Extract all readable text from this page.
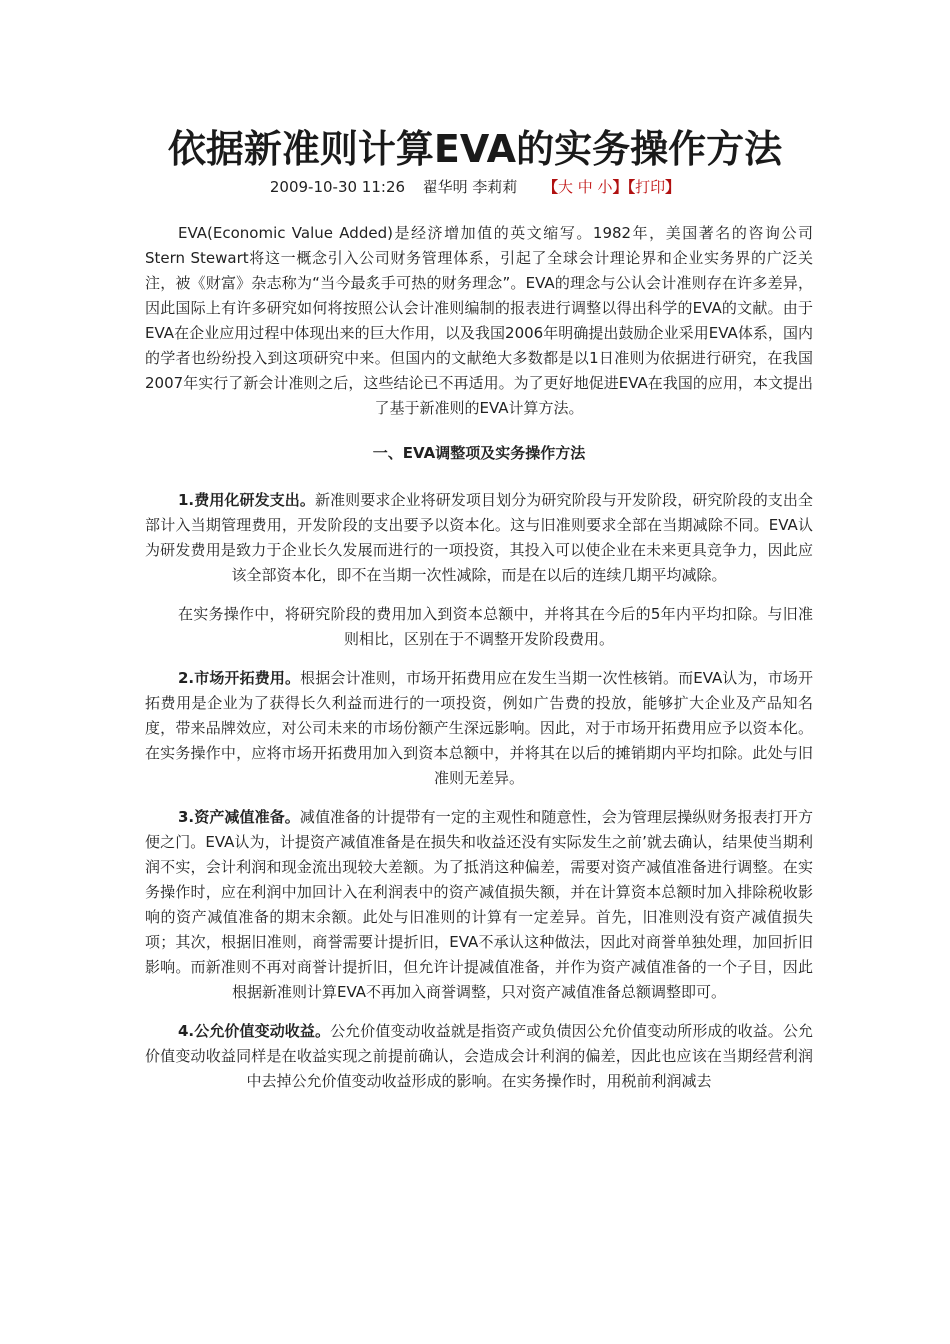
依据新准则计算EVA的实务操作方法
2009-10-30 11:26 翟华明 李莉莉 【大 中 小】【打印】

EVA(Economic Value Added)是经济增加值的英文缩写。1982年，美国著名的咨询公司Stern Stewart将这一概念引入公司财务管理体系，引起了全球会计理论界和企业实务界的广泛关注，被《财富》杂志称为“当今最炙手可热的财务理念”。EVA的理念与公认会计准则存在许多差异，因此国际上有许多研究如何将按照公认会计准则编制的报表进行调整以得出科学的EVA的文献。由于EVA在企业应用过程中体现出来的巨大作用，以及我国2006年明确提出鼓励企业采用EVA体系，国内的学者也纷纷投入到这项研究中来。但国内的文献绝大多数都是以1日准则为依据进行研究，在我国2007年实行了新会计准则之后，这些结论已不再适用。为了更好地促进EVA在我国的应用，本文提出了基于新准则的EVA计算方法。

一、EVA调整项及实务操作方法

1.费用化研发支出。新准则要求企业将研发项目划分为研究阶段与开发阶段，研究阶段的支出全部计入当期管理费用，开发阶段的支出要予以资本化。这与旧准则要求全部在当期减除不同。EVA认为研发费用是致力于企业长久发展而进行的一项投资，其投入可以使企业在未来更具竞争力，因此应该全部资本化，即不在当期一次性减除，而是在以后的连续几期平均减除。

在实务操作中，将研究阶段的费用加入到资本总额中，并将其在今后的5年内平均扣除。与旧准则相比，区别在于不调整开发阶段费用。

2.市场开拓费用。根据会计准则，市场开拓费用应在发生当期一次性核销。而EVA认为，市场开拓费用是企业为了获得长久利益而进行的一项投资，例如广告费的投放，能够扩大企业及产品知名度，带来品牌效应，对公司未来的市场份额产生深远影响。因此，对于市场开拓费用应予以资本化。在实务操作中，应将市场开拓费用加入到资本总额中，并将其在以后的摊销期内平均扣除。此处与旧准则无差异。

3.资产减值准备。减值准备的计提带有一定的主观性和随意性，会为管理层操纵财务报表打开方便之门。EVA认为，计提资产减值准备是在损失和收益还没有实际发生之前’就去确认，结果使当期利润不实，会计利润和现金流出现较大差额。为了抵消这种偏差，需要对资产减值准备进行调整。在实务操作时，应在利润中加回计入在利润表中的资产减值损失额，并在计算资本总额时加入排除税收影响的资产减值准备的期末余额。此处与旧准则的计算有一定差异。首先，旧准则没有资产减值损失项；其次，根据旧准则，商誉需要计提折旧，EVA不承认这种做法，因此对商誉单独处理，加回折旧影响。而新准则不再对商誉计提折旧，但允许计提减值准备，并作为资产减值准备的一个子目，因此根据新准则计算EVA不再加入商誉调整，只对资产减值准备总额调整即可。

4.公允价值变动收益。公允价值变动收益就是指资产或负债因公允价值变动所形成的收益。公允价值变动收益同样是在收益实现之前提前确认，会造成会计利润的偏差，因此也应该在当期经营利润中去掉公允价值变动收益形成的影响。在实务操作时，用税前利润减去
